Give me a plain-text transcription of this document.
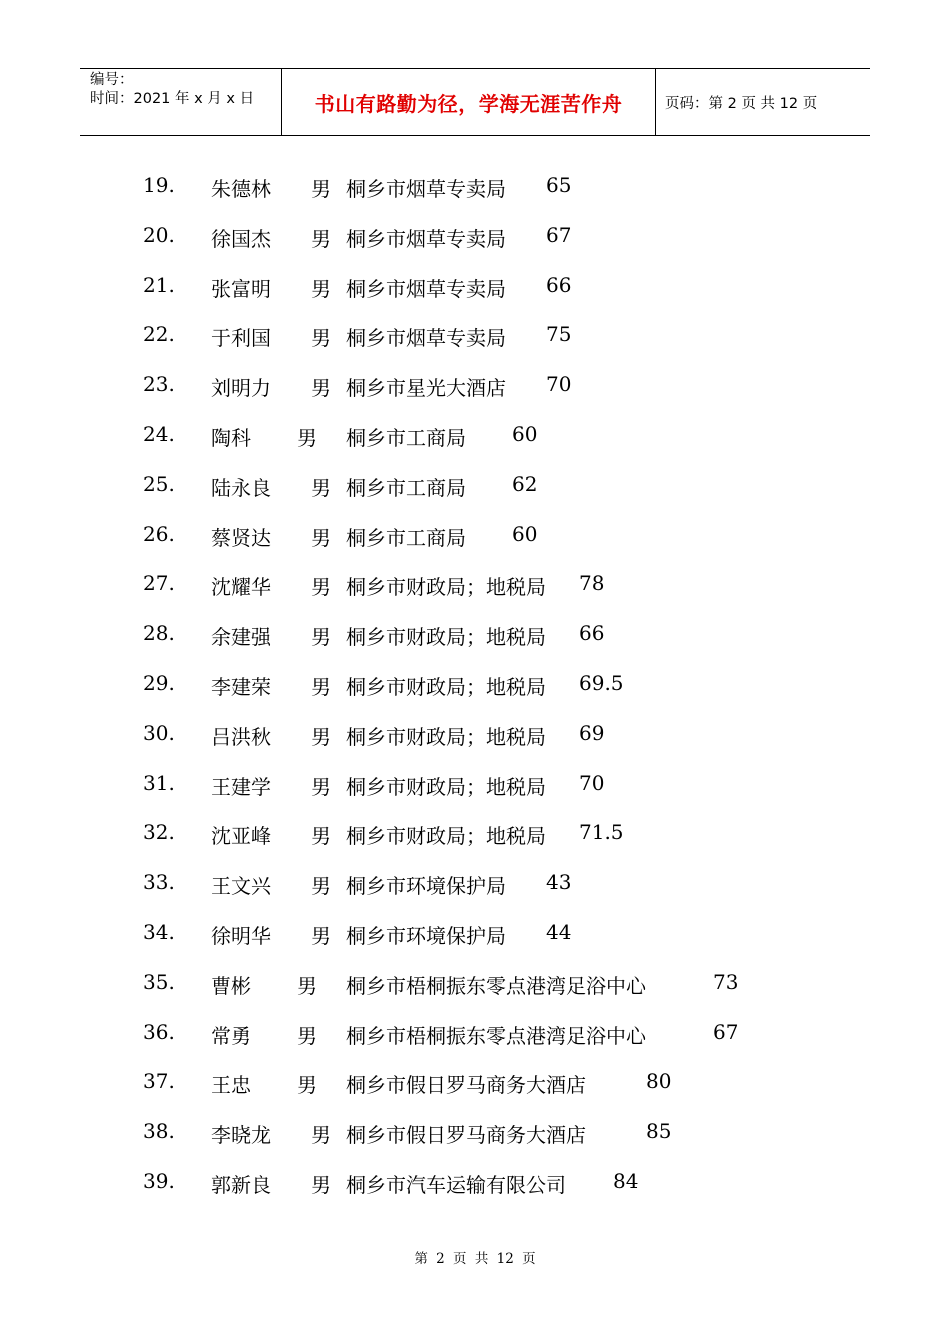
编号：
时间：2021 年 x 月 x 日	书山有路勤为径，学海无涯苦作舟	页码：第 2 页 共 12 页
19. 朱德林 男 桐乡市烟草专卖局 65
20. 徐国杰 男 桐乡市烟草专卖局 67
21. 张富明 男 桐乡市烟草专卖局 66
22. 于利国 男 桐乡市烟草专卖局 75
23. 刘明力 男 桐乡市星光大酒店 70
24. 陶科 男 桐乡市工商局 60
25. 陆永良 男 桐乡市工商局 62
26. 蔡贤达 男 桐乡市工商局 60
27. 沈耀华 男 桐乡市财政局；地税局 78
28. 余建强 男 桐乡市财政局；地税局 66
29. 李建荣 男 桐乡市财政局；地税局 69.5
30. 吕洪秋 男 桐乡市财政局；地税局 69
31. 王建学 男 桐乡市财政局；地税局 70
32. 沈亚峰 男 桐乡市财政局；地税局 71.5
33. 王文兴 男 桐乡市环境保护局 43
34. 徐明华 男 桐乡市环境保护局 44
35. 曹彬 男 桐乡市梧桐振东零点港湾足浴中心	73
36. 常勇 男 桐乡市梧桐振东零点港湾足浴中心	67
37. 王忠 男 桐乡市假日罗马商务大酒店	80
38. 李晓龙 男 桐乡市假日罗马商务大酒店	85
39. 郭新良 男 桐乡市汽车运输有限公司 84
第 2 页 共 12 页
